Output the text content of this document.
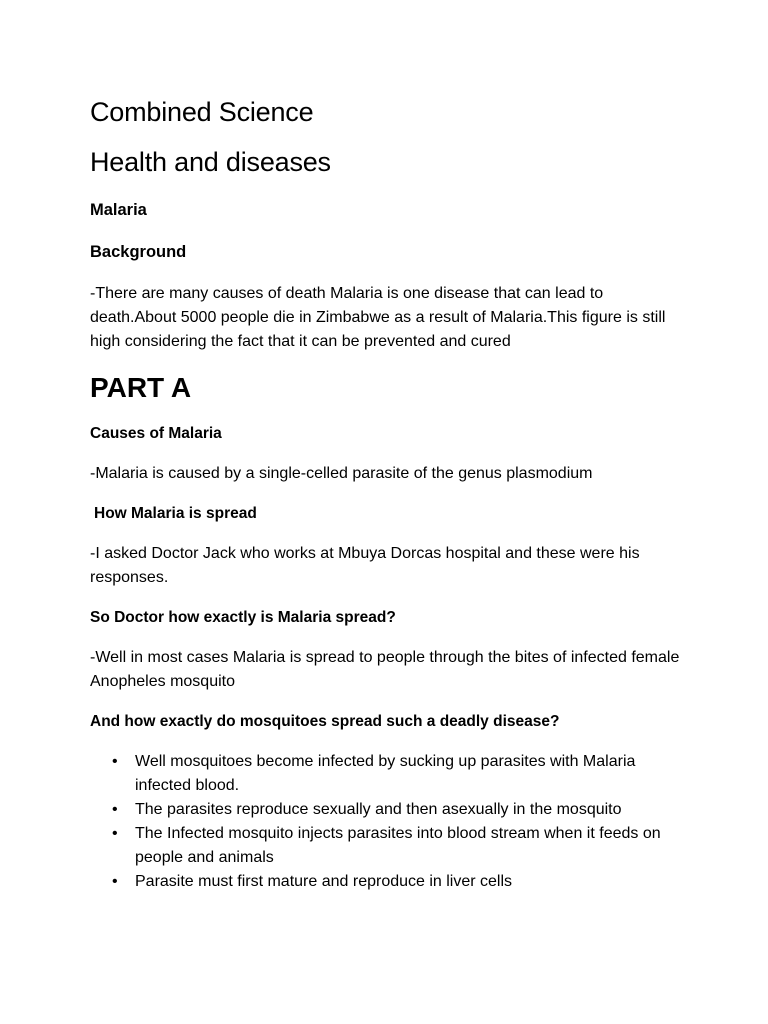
Combined Science
Health and diseases
Malaria
Background

-There are many causes of death Malaria is one disease that can lead to death.About 5000 people die in Zimbabwe as a result of Malaria.This figure is still high considering the fact that it can be prevented and cured

PART A
Causes of Malaria

-Malaria is caused by a single-celled parasite of the genus plasmodium

How Malaria is spread

-I asked Doctor Jack who works at Mbuya Dorcas hospital and these were his responses.

So Doctor how exactly is Malaria spread?

-Well in most cases Malaria is spread to people through the bites of infected female Anopheles mosquito

And how exactly do mosquitoes spread such a deadly disease?
• Well mosquitoes become infected by sucking up parasites with Malaria infected blood.
• The parasites reproduce sexually and then asexually in the mosquito
• The Infected mosquito injects parasites into blood stream when it feeds on people and animals
• Parasite must first mature and reproduce in liver cells
